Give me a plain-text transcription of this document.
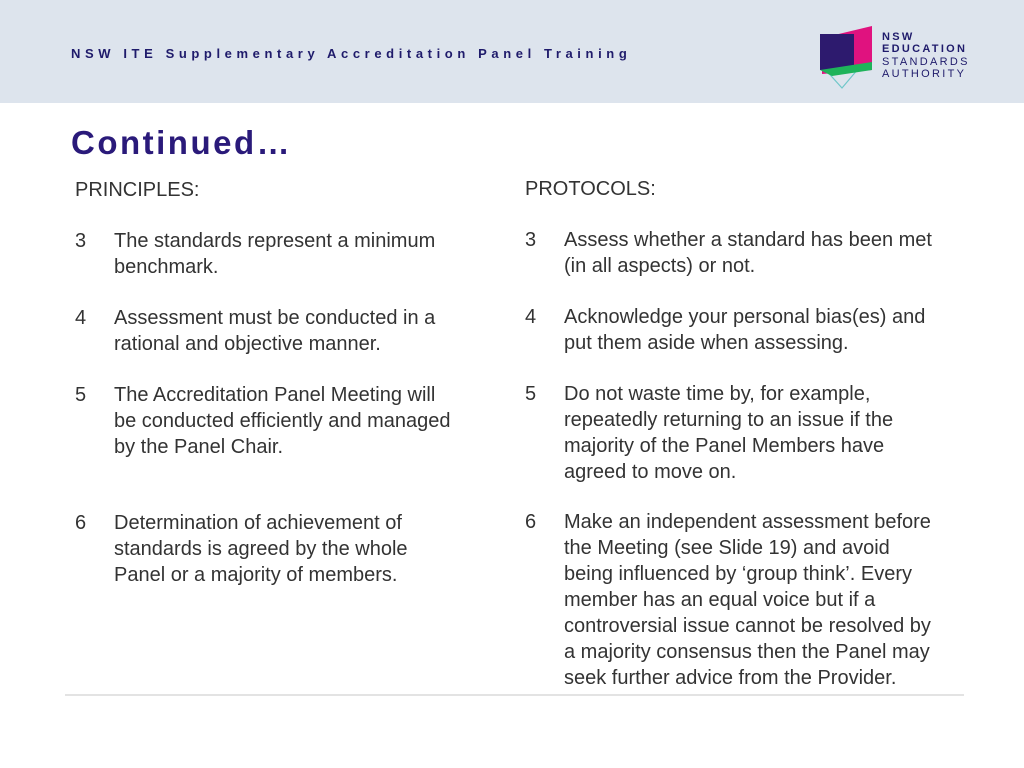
NSW ITE Supplementary Accreditation Panel Training
NSW
EDUCATION
STANDARDS
AUTHORITY
Continued…
PRINCIPLES:	PROTOCOLS:
3 The standards represent a minimum
benchmark.
4 Assessment must be conducted in a
rational and objective manner.
5 The Accreditation Panel Meeting will
be conducted efficiently and managed
by the Panel Chair.
6 Determination of achievement of
standards is agreed by the whole
Panel or a majority of members.
3 Assess whether a standard has been met
(in all aspects) or not.
4 Acknowledge your personal bias(es) and
put them aside when assessing.
5 Do not waste time by, for example,
repeatedly returning to an issue if the
majority of the Panel Members have
agreed to move on.
6 Make an independent assessment before
the Meeting (see Slide 19) and avoid
being influenced by ‘group think’. Every
member has an equal voice but if a
controversial issue cannot be resolved by
a majority consensus then the Panel may
seek further advice from the Provider.
